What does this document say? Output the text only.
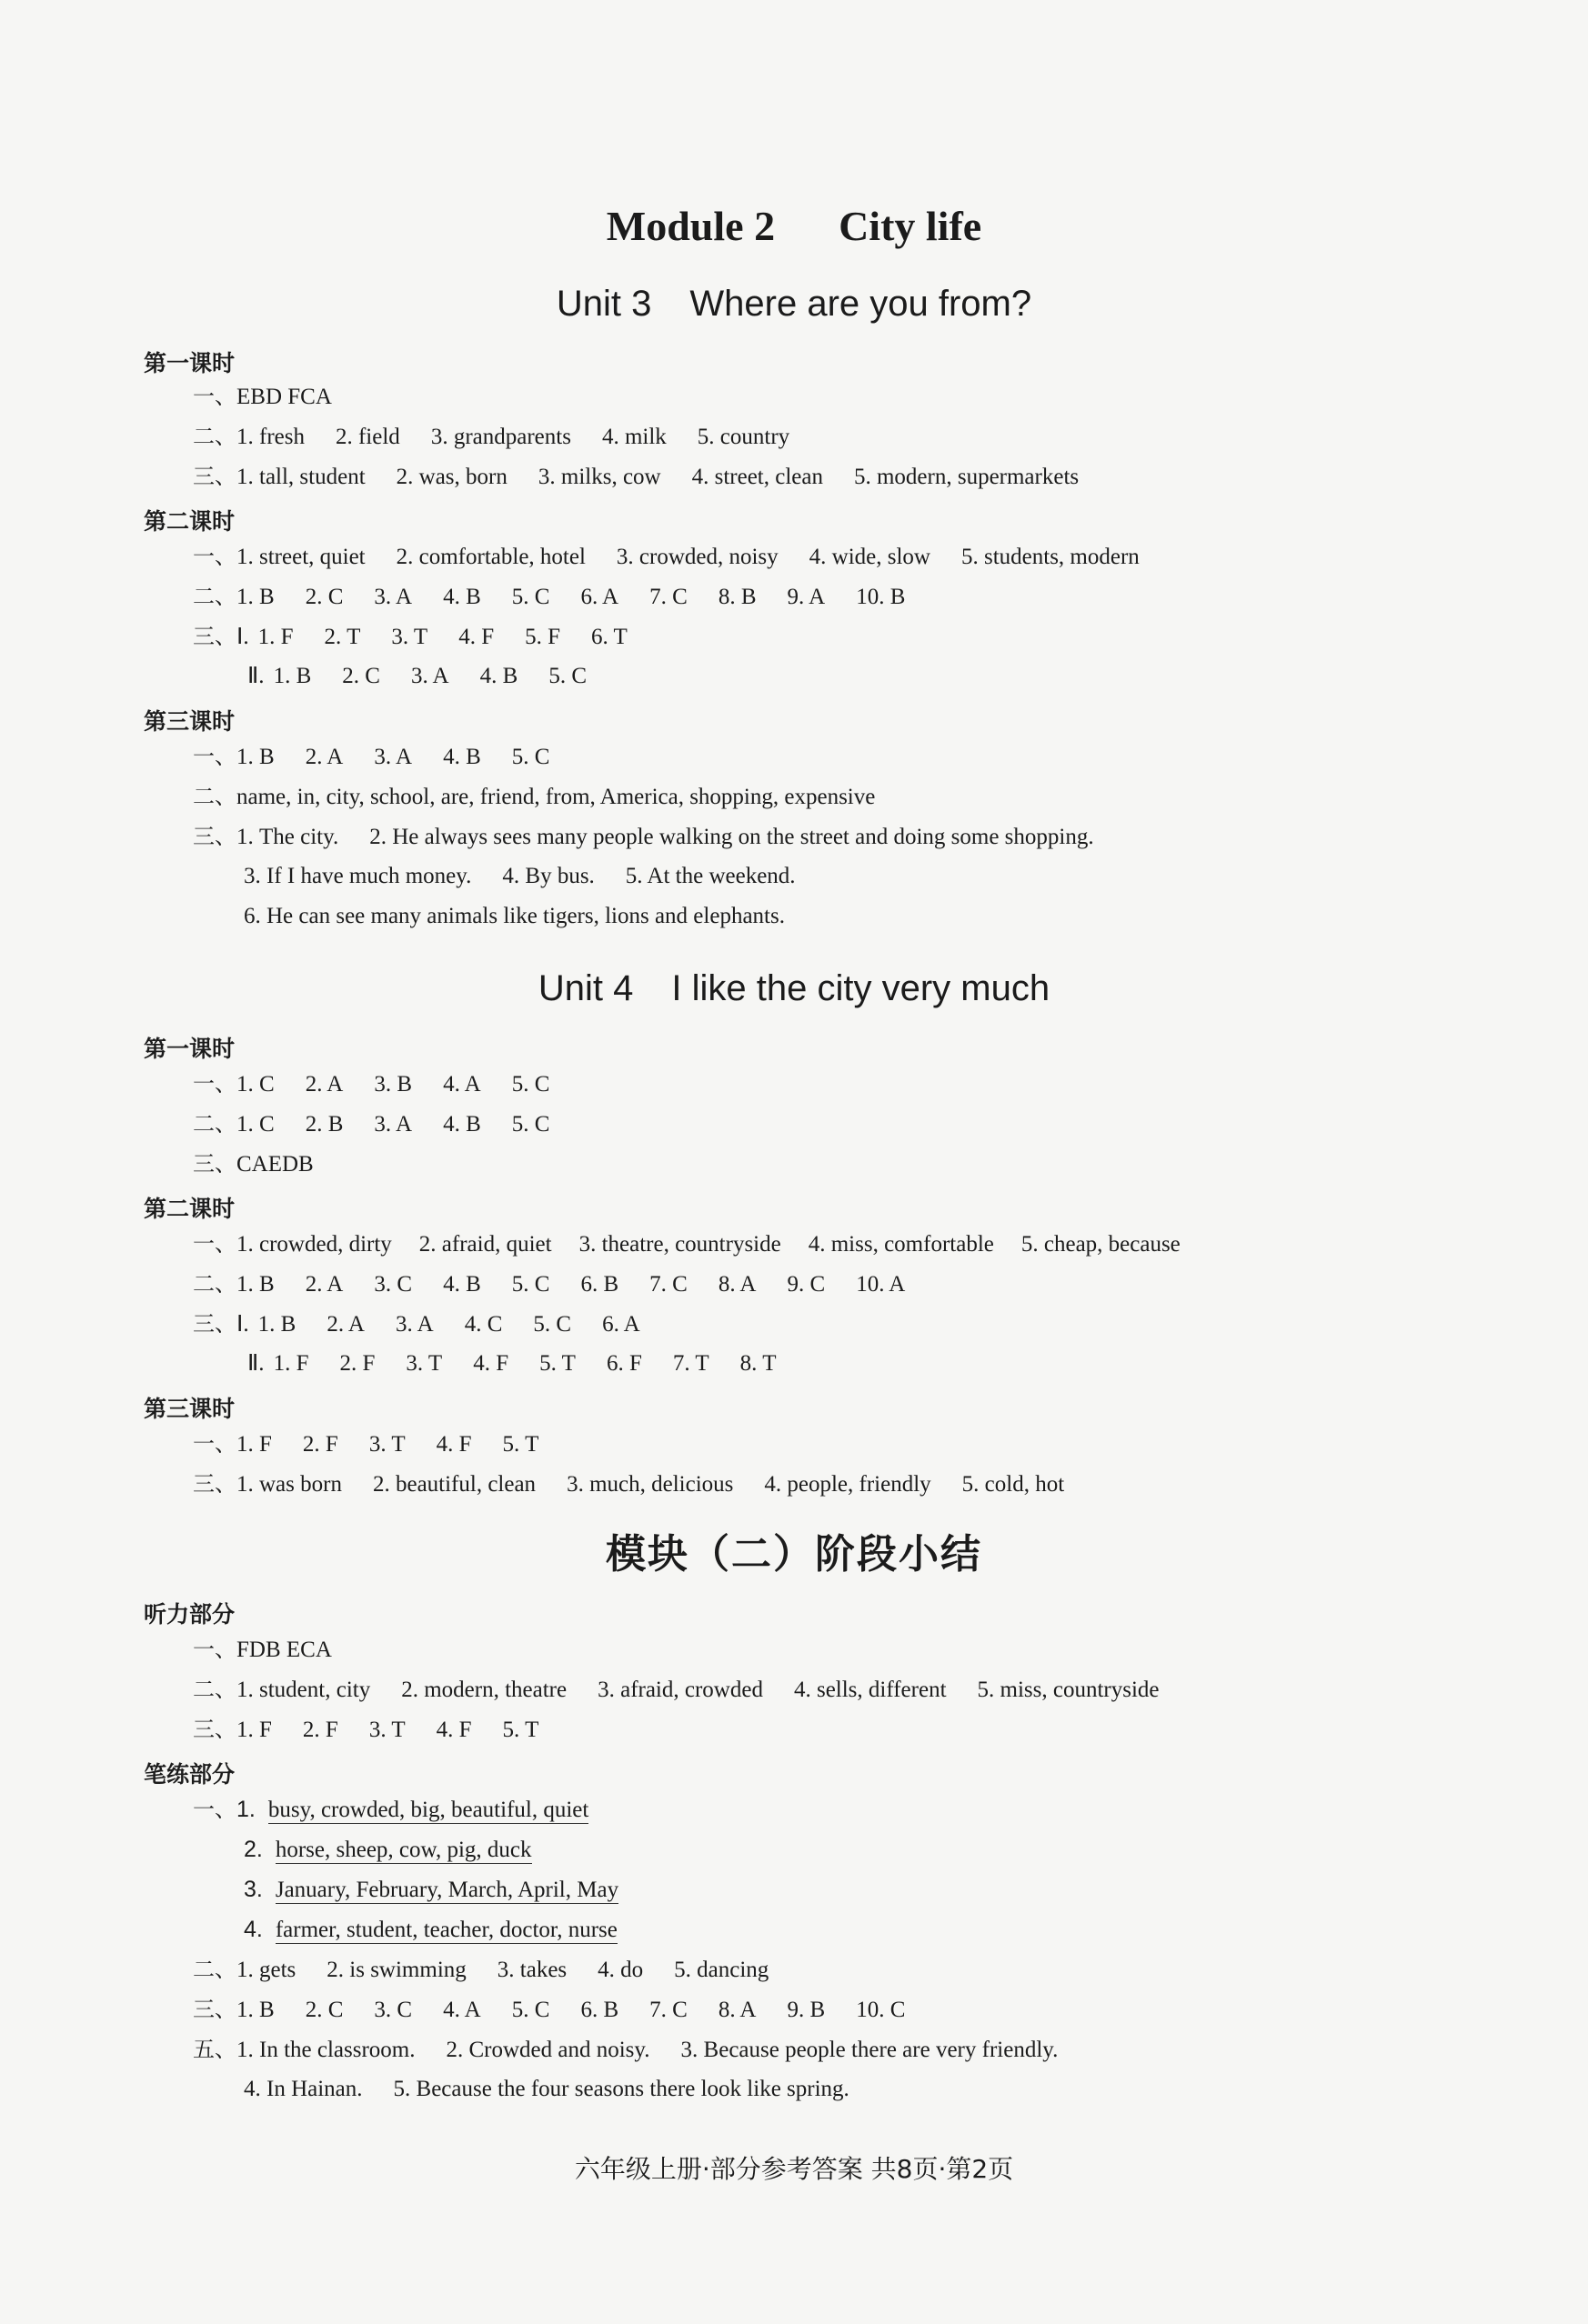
Module 2 City life
Unit 3 Where are you from?
第一课时
一、EBD FCA
二、1. fresh 2. field 3. grandparents 4. milk 5. country
三、1. tall, student 2. was, born 3. milks, cow 4. street, clean 5. modern, supermarkets
第二课时
一、1. street, quiet 2. comfortable, hotel 3. crowded, noisy 4. wide, slow 5. students, modern
二、1. B 2. C 3. A 4. B 5. C 6. A 7. C 8. B 9. A 10. B
三、Ⅰ. 1. F 2. T 3. T 4. F 5. F 6. T
Ⅱ. 1. B 2. C 3. A 4. B 5. C
第三课时
一、1. B 2. A 3. A 4. B 5. C
二、name, in, city, school, are, friend, from, America, shopping, expensive
三、1. The city. 2. He always sees many people walking on the street and doing some shopping.
3. If I have much money. 4. By bus. 5. At the weekend.
6. He can see many animals like tigers, lions and elephants.
Unit 4 I like the city very much
第一课时
一、1. C 2. A 3. B 4. A 5. C
二、1. C 2. B 3. A 4. B 5. C
三、CAEDB
第二课时
一、1. crowded, dirty 2. afraid, quiet 3. theatre, countryside 4. miss, comfortable 5. cheap, because
二、1. B 2. A 3. C 4. B 5. C 6. B 7. C 8. A 9. C 10. A
三、Ⅰ. 1. B 2. A 3. A 4. C 5. C 6. A
Ⅱ. 1. F 2. F 3. T 4. F 5. T 6. F 7. T 8. T
第三课时
一、1. F 2. F 3. T 4. F 5. T
三、1. was born 2. beautiful, clean 3. much, delicious 4. people, friendly 5. cold, hot
模块（二）阶段小结
听力部分
一、FDB ECA
二、1. student, city 2. modern, theatre 3. afraid, crowded 4. sells, different 5. miss, countryside
三、1. F 2. F 3. T 4. F 5. T
笔练部分
一、1. busy, crowded, big, beautiful, quiet
2. horse, sheep, cow, pig, duck
3. January, February, March, April, May
4. farmer, student, teacher, doctor, nurse
二、1. gets 2. is swimming 3. takes 4. do 5. dancing
三、1. B 2. C 3. C 4. A 5. C 6. B 7. C 8. A 9. B 10. C
五、1. In the classroom. 2. Crowded and noisy. 3. Because people there are very friendly.
4. In Hainan. 5. Because the four seasons there look like spring.
六年级上册·部分参考答案 共8页·第2页
